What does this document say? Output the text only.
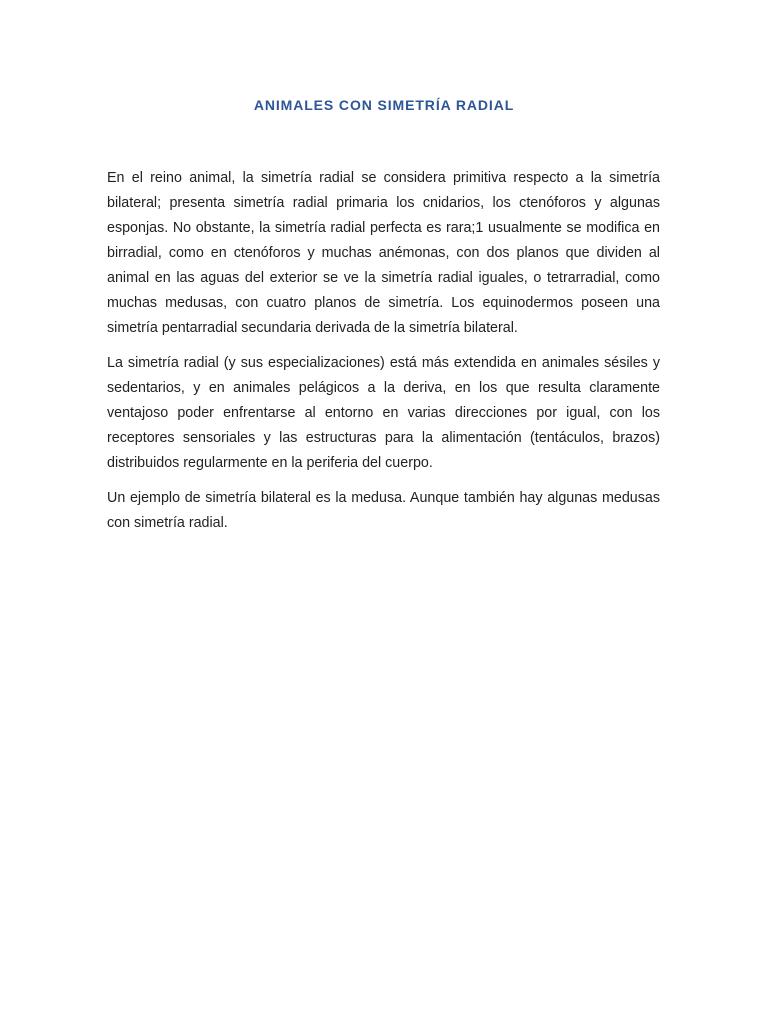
ANIMALES CON SIMETRÍA RADIAL

En el reino animal, la simetría radial se considera primitiva respecto a la simetría bilateral; presenta simetría radial primaria los cnidarios, los ctenóforos y algunas esponjas. No obstante, la simetría radial perfecta es rara;1 usualmente se modifica en birradial, como en ctenóforos y muchas anémonas, con dos planos que dividen al animal en las aguas del exterior se ve la simetría radial iguales, o tetrarradial, como muchas medusas, con cuatro planos de simetría. Los equinodermos poseen una simetría pentarradial secundaria derivada de la simetría bilateral.

La simetría radial (y sus especializaciones) está más extendida en animales sésiles y sedentarios, y en animales pelágicos a la deriva, en los que resulta claramente ventajoso poder enfrentarse al entorno en varias direcciones por igual, con los receptores sensoriales y las estructuras para la alimentación (tentáculos, brazos) distribuidos regularmente en la periferia del cuerpo.

Un ejemplo de simetría bilateral es la medusa. Aunque también hay algunas medusas con simetría radial.
